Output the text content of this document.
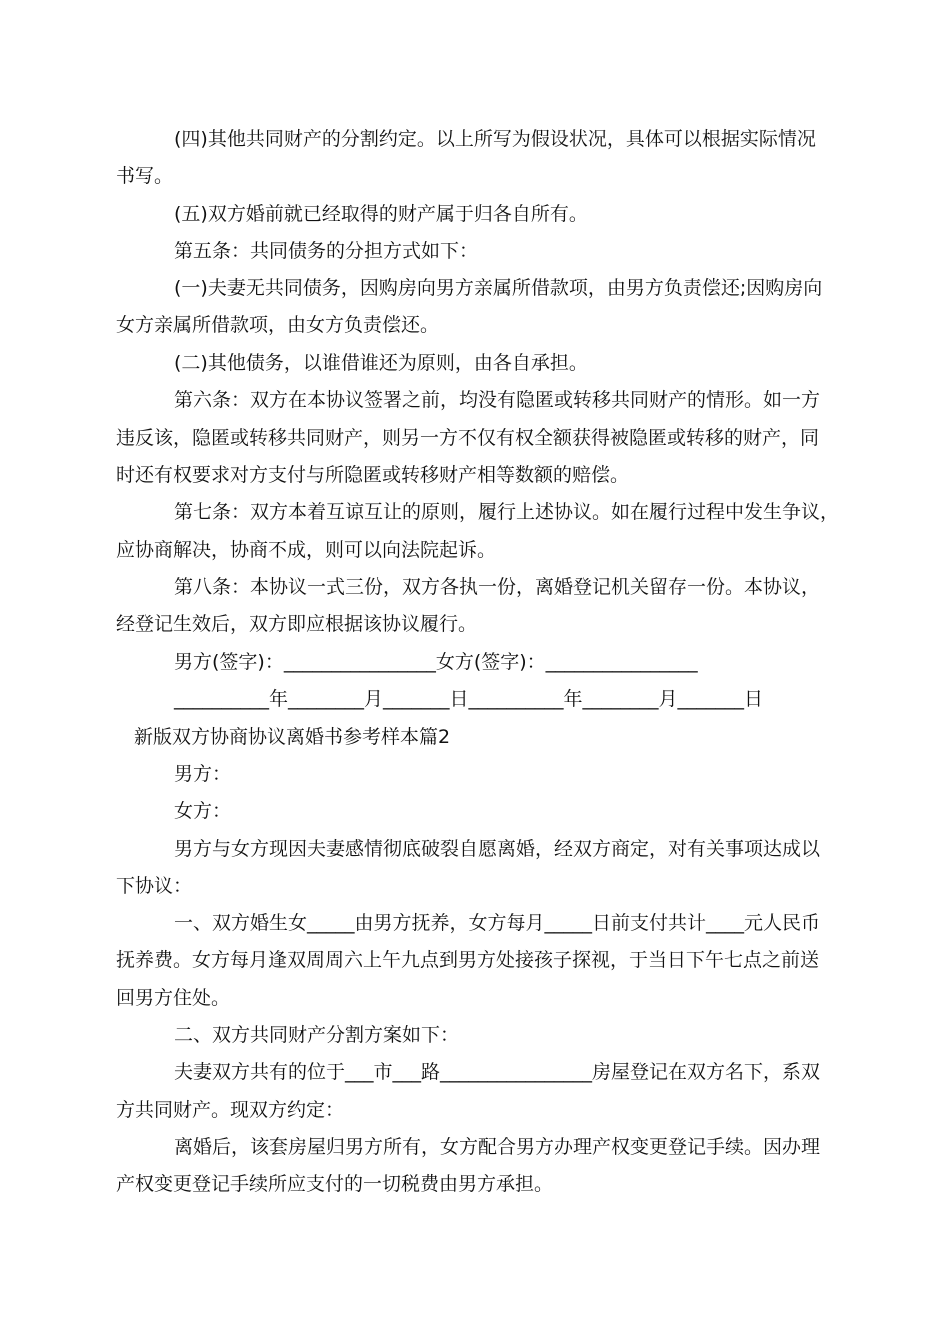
(四)其他共同财产的分割约定。以上所写为假设状况，具体可以根据实际情况
书写。
(五)双方婚前就已经取得的财产属于归各自所有。
第五条：共同债务的分担方式如下：
(一)夫妻无共同债务，因购房向男方亲属所借款项，由男方负责偿还;因购房向
女方亲属所借款项，由女方负责偿还。
(二)其他债务，以谁借谁还为原则，由各自承担。
第六条：双方在本协议签署之前，均没有隐匿或转移共同财产的情形。如一方
违反该，隐匿或转移共同财产，则另一方不仅有权全额获得被隐匿或转移的财产，同
时还有权要求对方支付与所隐匿或转移财产相等数额的赔偿。
第七条：双方本着互谅互让的原则，履行上述协议。如在履行过程中发生争议，
应协商解决，协商不成，则可以向法院起诉。
第八条：本协议一式三份，双方各执一份，离婚登记机关留存一份。本协议，
经登记生效后，双方即应根据该协议履行。
男方(签字)：________________女方(签字)：________________
__________年________月_______日__________年________月_______日
新版双方协商协议离婚书参考样本篇2
男方：
女方：
男方与女方现因夫妻感情彻底破裂自愿离婚，经双方商定，对有关事项达成以
下协议：
一、双方婚生女_____由男方抚养，女方每月_____日前支付共计____元人民币
抚养费。女方每月逢双周周六上午九点到男方处接孩子探视，于当日下午七点之前送
回男方住处。
二、双方共同财产分割方案如下：
夫妻双方共有的位于___市___路________________房屋登记在双方名下，系双
方共同财产。现双方约定：
离婚后，该套房屋归男方所有，女方配合男方办理产权变更登记手续。因办理
产权变更登记手续所应支付的一切税费由男方承担。
